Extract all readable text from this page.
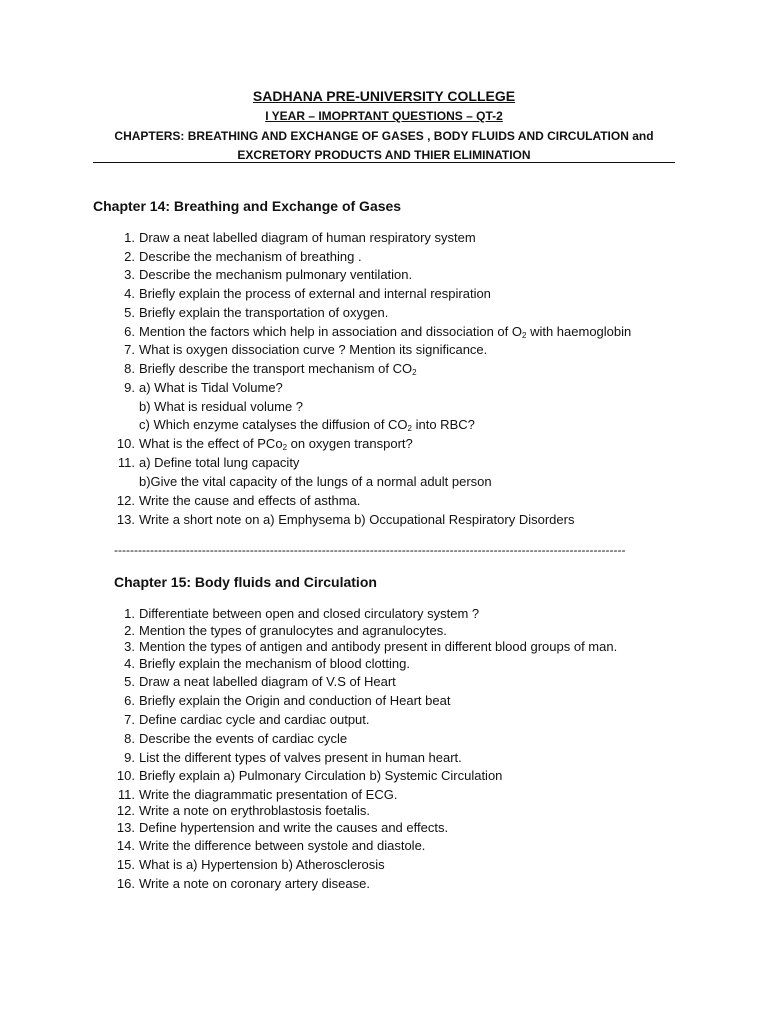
SADHANA PRE-UNIVERSITY COLLEGE
I YEAR – IMOPRTANT QUESTIONS – QT-2
CHAPTERS: BREATHING AND EXCHANGE OF GASES , BODY FLUIDS AND CIRCULATION and
EXCRETORY PRODUCTS AND THIER ELIMINATION
Chapter 14: Breathing and Exchange of Gases
1. Draw a neat labelled diagram of human respiratory system
2. Describe the mechanism of breathing .
3. Describe the mechanism pulmonary ventilation.
4. Briefly explain the process of external and internal respiration
5. Briefly explain the transportation of oxygen.
6. Mention the factors which help in association and dissociation of $O_2$ with haemoglobin
7. What is oxygen dissociation curve ? Mention its significance.
8. Briefly describe the transport mechanism of $CO_2$
9. a) What is Tidal Volume?
b) What is residual volume ?
c) Which enzyme catalyses the diffusion of $CO_2$ into RBC?
10. What is the effect of PCo$_2$ on oxygen transport?
11. a) Define total lung capacity
b)Give the vital capacity of the lungs of a normal adult person
12. Write the cause and effects of asthma.
13. Write a short note on a) Emphysema b) Occupational Respiratory Disorders
--------------------------------------------------------------------------------------------------------------------------------
Chapter 15: Body fluids and Circulation
1. Differentiate between open and closed circulatory system ?
2. Mention the types of granulocytes and agranulocytes.
3. Mention the types of antigen and antibody present in different blood groups of man.
4. Briefly explain the mechanism of blood clotting.
5. Draw a neat labelled diagram of V.S of Heart
6. Briefly explain the Origin and conduction of Heart beat
7. Define cardiac cycle and cardiac output.
8. Describe the events of cardiac cycle
9. List the different types of valves present in human heart.
10. Briefly explain a) Pulmonary Circulation b) Systemic Circulation
11. Write the diagrammatic presentation of ECG.
12. Write a note on erythroblastosis foetalis.
13. Define hypertension and write the causes and effects.
14. Write the difference between systole and diastole.
15. What is a) Hypertension b) Atherosclerosis
16. Write a note on coronary artery disease.
